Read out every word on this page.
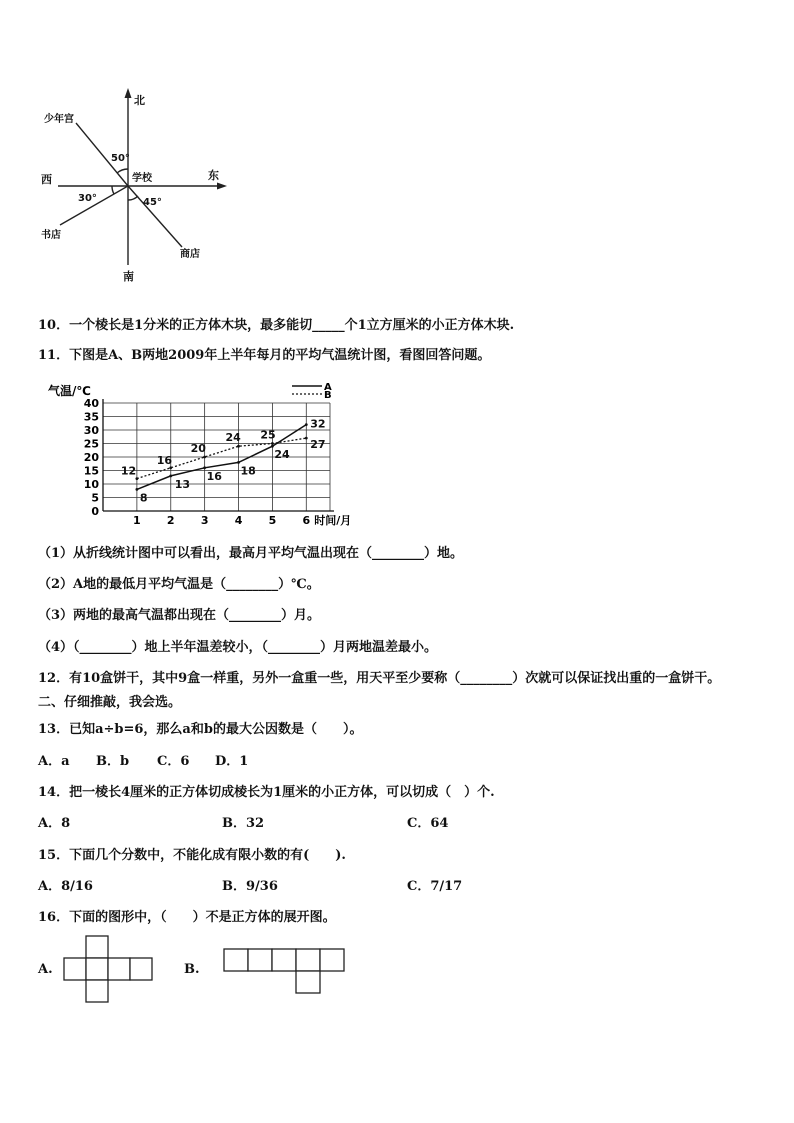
北
南
东
西	学校
少年宫
书店
商店
50°
30°	45°
10．一个棱长是1分米的正方体木块，最多能切_____个1立方厘米的小正方体木块.
11．下图是A、B两地2009年上半年每月的平均气温统计图，看图回答问题。
0
5
10
15
20
25
30
35
40
1 2 3 4 5 6
气温/℃
时间/月
8
13
16 18
24
32
12
16
20
24 25
27
A
B
（1）从折线统计图中可以看出，最高月平均气温出现在（________）地。
（2）A地的最低月平均气温是（________）℃。
（3）两地的最高气温都出现在（________）月。
（4）（________）地上半年温差较小，（________）月两地温差最小。
12．有10盒饼干，其中9盒一样重，另外一盒重一些，用天平至少要称（________）次就可以保证找出重的一盒饼干。
二、仔细推敲，我会选。
13．已知a÷b=6，那么a和b的最大公因数是（　　）。
A．a B．b C．6 D．1
14．把一棱长4厘米的正方体切成棱长为1厘米的小正方体，可以切成（　）个.
A．8	B．32	C．64
15．下面几个分数中，不能化成有限小数的有(　　).
A．8/16	B．9/36	C．7/17
16．下面的图形中，（　　）不是正方体的展开图。
A.	B.
